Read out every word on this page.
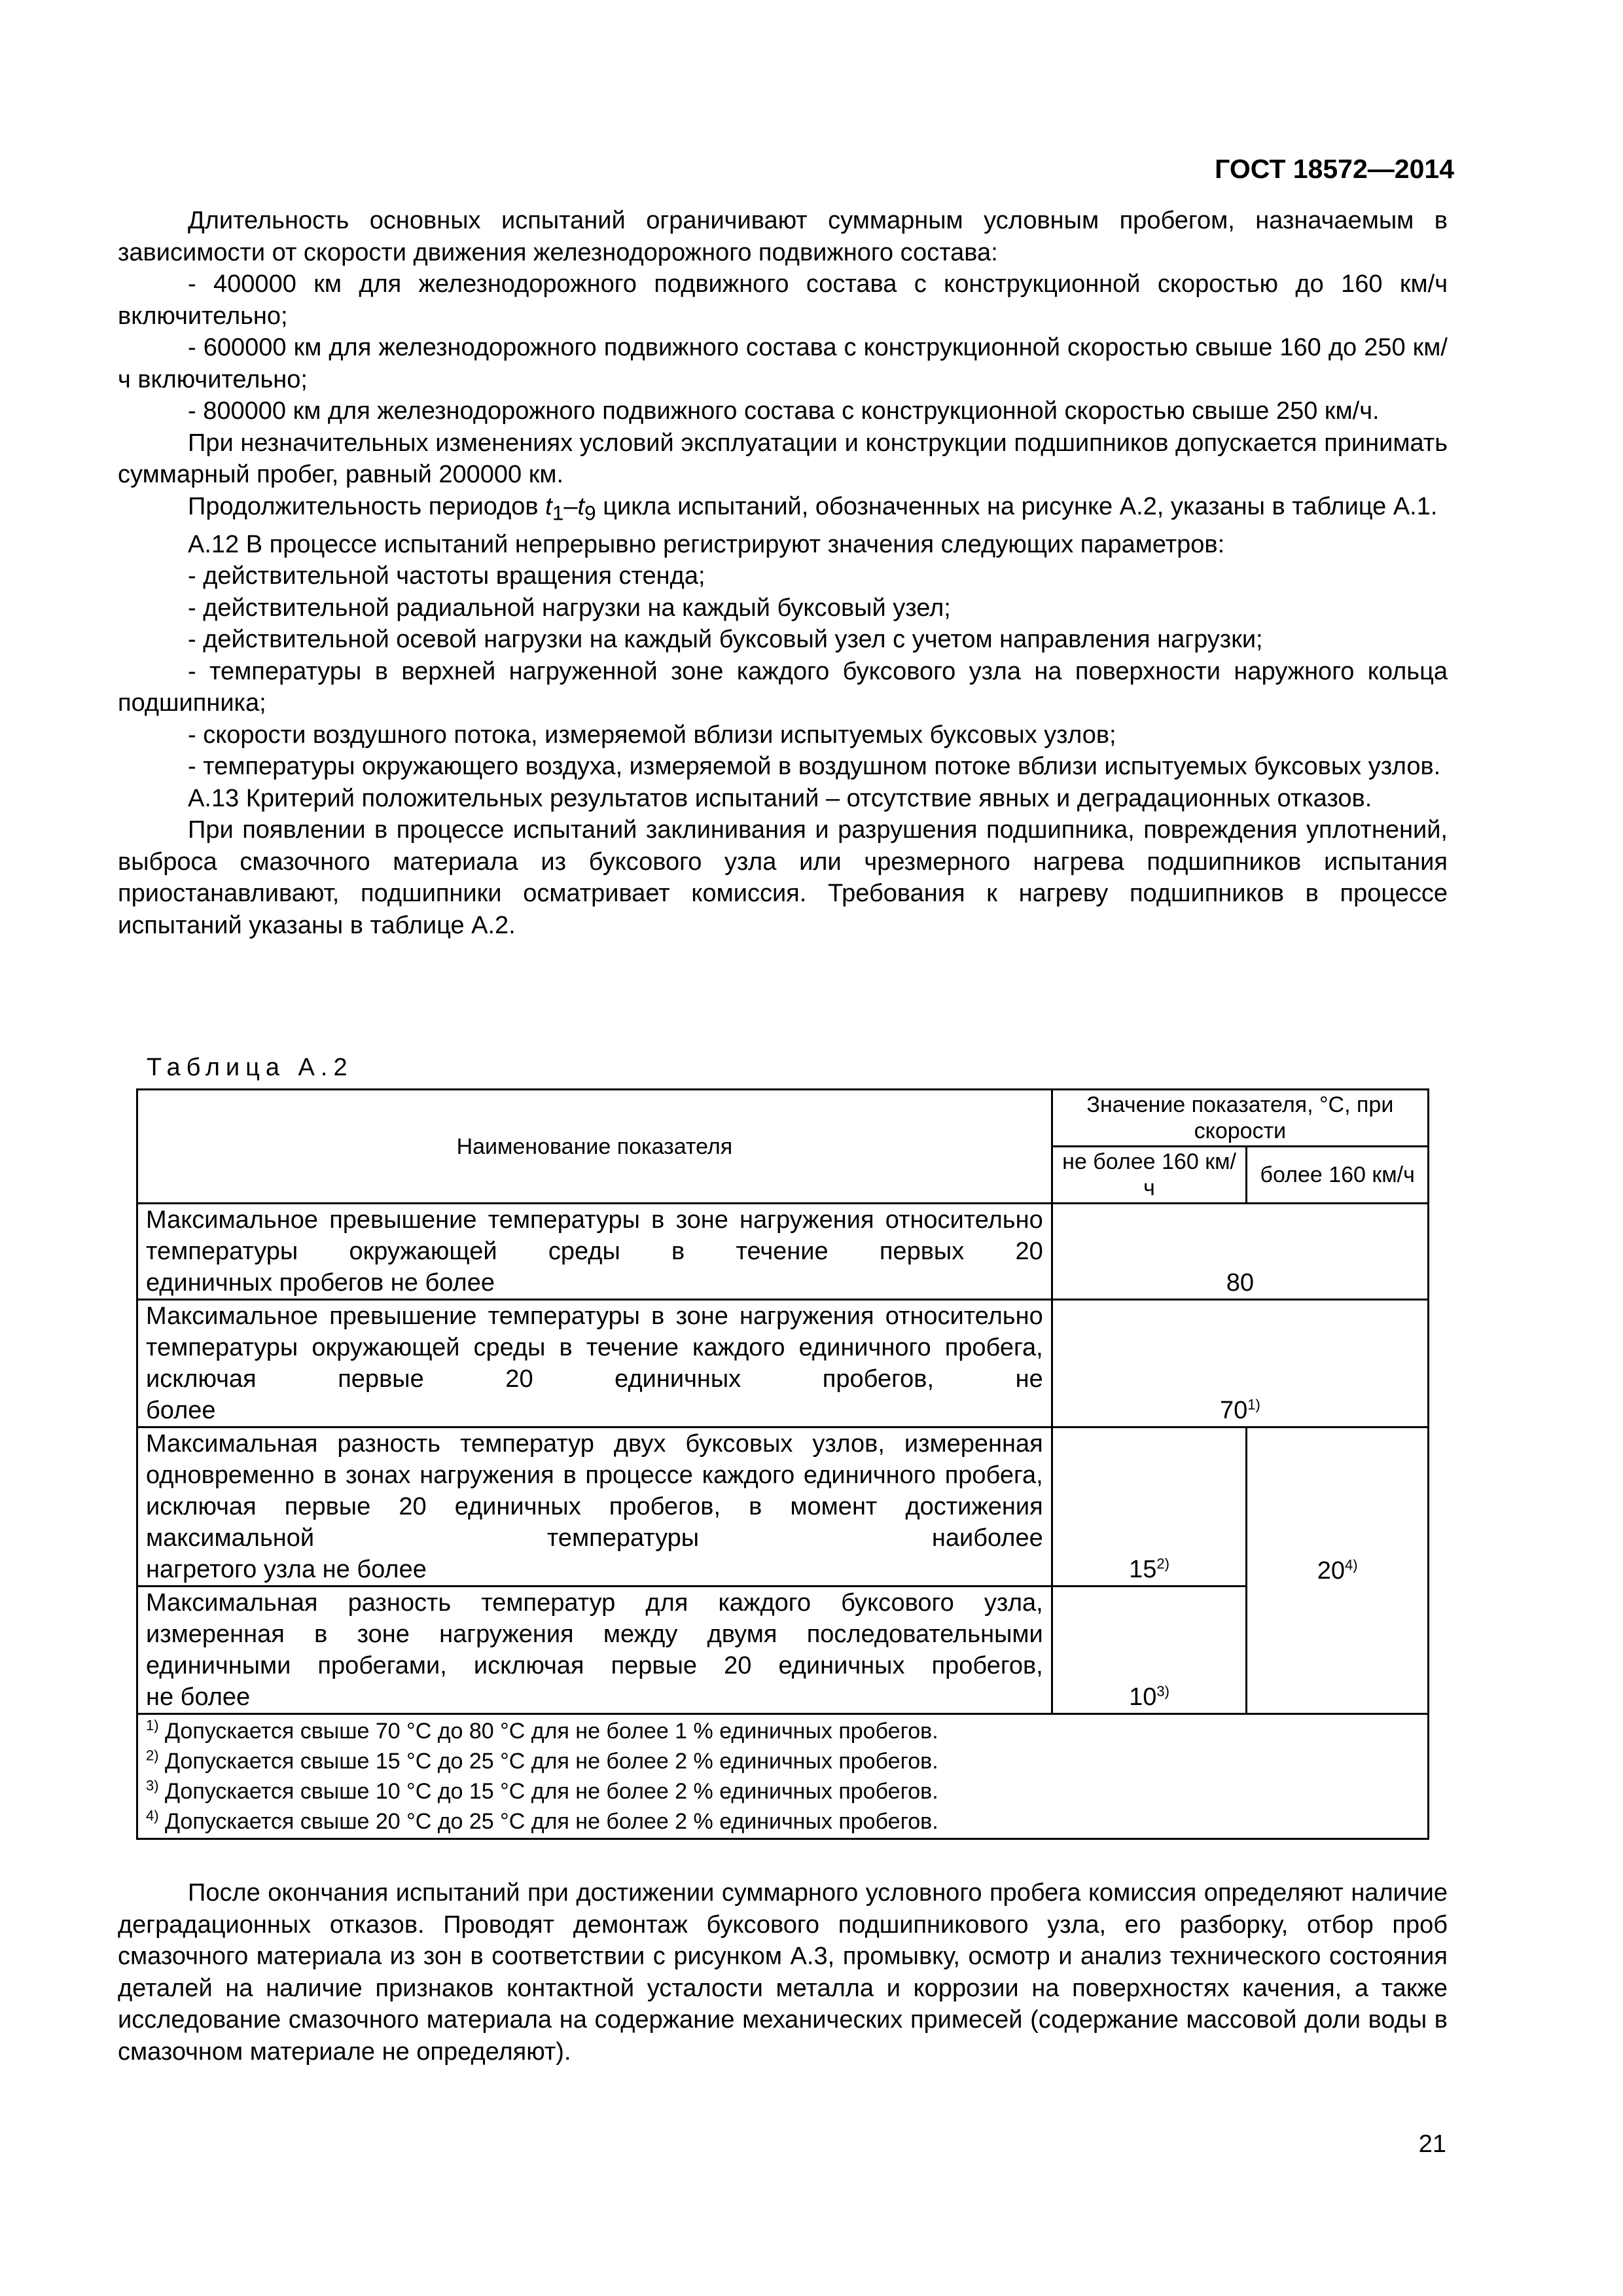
ГОСТ 18572—2014

Длительность основных испытаний ограничивают суммарным условным пробегом, назначаемым в зависимости от скорости движения железнодорожного подвижного состава:

- 400000 км для железнодорожного подвижного состава с конструкционной скоростью до 160 км/ч включительно;

- 600000 км для железнодорожного подвижного состава с конструкционной скоростью свыше 160 до 250 км/ч включительно;

- 800000 км для железнодорожного подвижного состава с конструкционной скоростью свыше 250 км/ч.

При незначительных изменениях условий эксплуатации и конструкции подшипников допускается принимать суммарный пробег, равный 200000 км.

Продолжительность периодов $t_1-t_9$ цикла испытаний, обозначенных на рисунке А.2, указаны в таблице А.1.

А.12 В процессе испытаний непрерывно регистрируют значения следующих параметров:

- действительной частоты вращения стенда;

- действительной радиальной нагрузки на каждый буксовый узел;

- действительной осевой нагрузки на каждый буксовый узел с учетом направления нагрузки;

- температуры в верхней нагруженной зоне каждого буксового узла на поверхности наружного кольца подшипника;

- скорости воздушного потока, измеряемой вблизи испытуемых буксовых узлов;

- температуры окружающего воздуха, измеряемой в воздушном потоке вблизи испытуемых буксовых узлов.

А.13 Критерий положительных результатов испытаний – отсутствие явных и деградационных отказов.

При появлении в процессе испытаний заклинивания и разрушения подшипника, повреждения уплотнений, выброса смазочного материала из буксового узла или чрезмерного нагрева подшипников испытания приостанавливают, подшипники осматривает комиссия. Требования к нагреву подшипников в процессе испытаний указаны в таблице А.2.

Таблица А.2
Наименование показателя	Значение показателя, °С, при скорости	
	не более 160 км/ч	более 160 км/ч
Максимальное превышение температуры в зоне нагружения относительно температуры окружающей среды в течение первых 20
единичных пробегов не более	80	
Максимальное превышение температуры в зоне нагружения относительно температуры окружающей среды в течение каждого единичного пробега, исключая первые 20 единичных пробегов, не
более	70$^{1)}$
Максимальная разность температур двух буксовых узлов, измеренная одновременно в зонах нагружения в процессе каждого единичного пробега, исключая первые 20 единичных пробегов, в момент достижения максимальной температуры наиболее
нагретого узла не более	15$^{2)}$	20$^{4)}$
Максимальная разность температур для каждого буксового узла, измеренная в зоне нагружения между двумя последовательными единичными пробегами, исключая первые 20 единичных пробегов,
не более	10$^{3)}$

$^{1)}$ Допускается свыше 70 °С до 80 °С для не более 1 % единичных пробегов.
$^{2)}$ Допускается свыше 15 °С до 25 °С для не более 2 % единичных пробегов.
$^{3)}$ Допускается свыше 10 °С до 15 °С для не более 2 % единичных пробегов.
$^{4)}$ Допускается свыше 20 °С до 25 °С для не более 2 % единичных пробегов.		

После окончания испытаний при достижении суммарного условного пробега комиссия определяют наличие деградационных отказов. Проводят демонтаж буксового подшипникового узла, его разборку, отбор проб смазочного материала из зон в соответствии с рисунком А.3, промывку, осмотр и анализ технического состояния деталей на наличие признаков контактной усталости металла и коррозии на поверхностях качения, а также исследование смазочного материала на содержание механических примесей (содержание массовой доли воды в смазочном материале не определяют).

21
